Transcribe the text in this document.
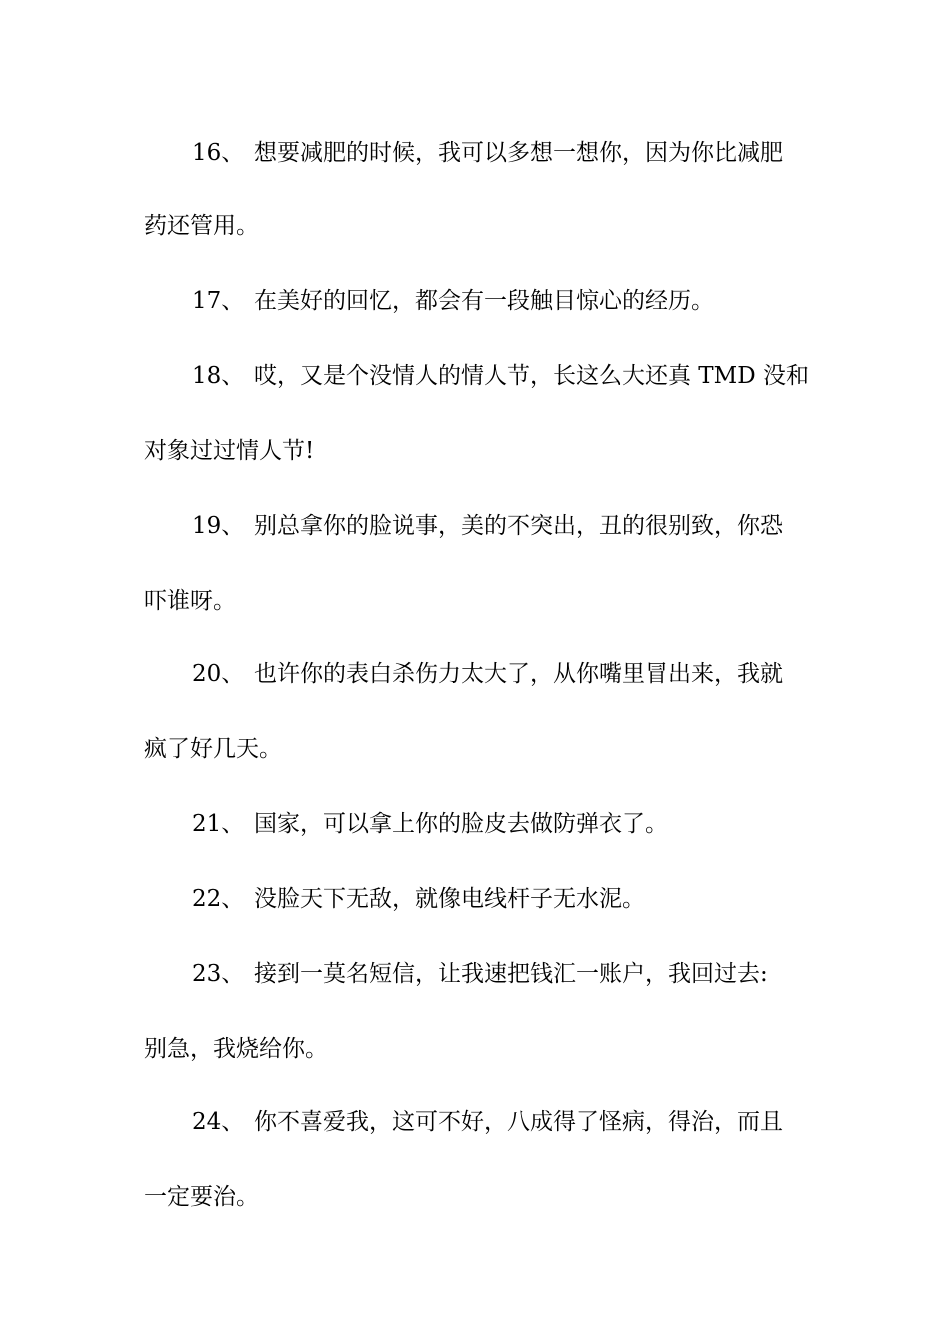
16、 想要减肥的时候，我可以多想一想你，因为你比减肥
药还管用。
17、 在美好的回忆，都会有一段触目惊心的经历。
18、 哎，又是个没情人的情人节，长这么大还真 TMD 没和
对象过过情人节!
19、 别总拿你的脸说事，美的不突出，丑的很别致，你恐
吓谁呀。
20、 也许你的表白杀伤力太大了，从你嘴里冒出来，我就
疯了好几天。
21、 国家，可以拿上你的脸皮去做防弹衣了。
22、 没脸天下无敌，就像电线杆子无水泥。
23、 接到一莫名短信，让我速把钱汇一账户，我回过去:
别急，我烧给你。
24、 你不喜爱我，这可不好，八成得了怪病，得治，而且
一定要治。
